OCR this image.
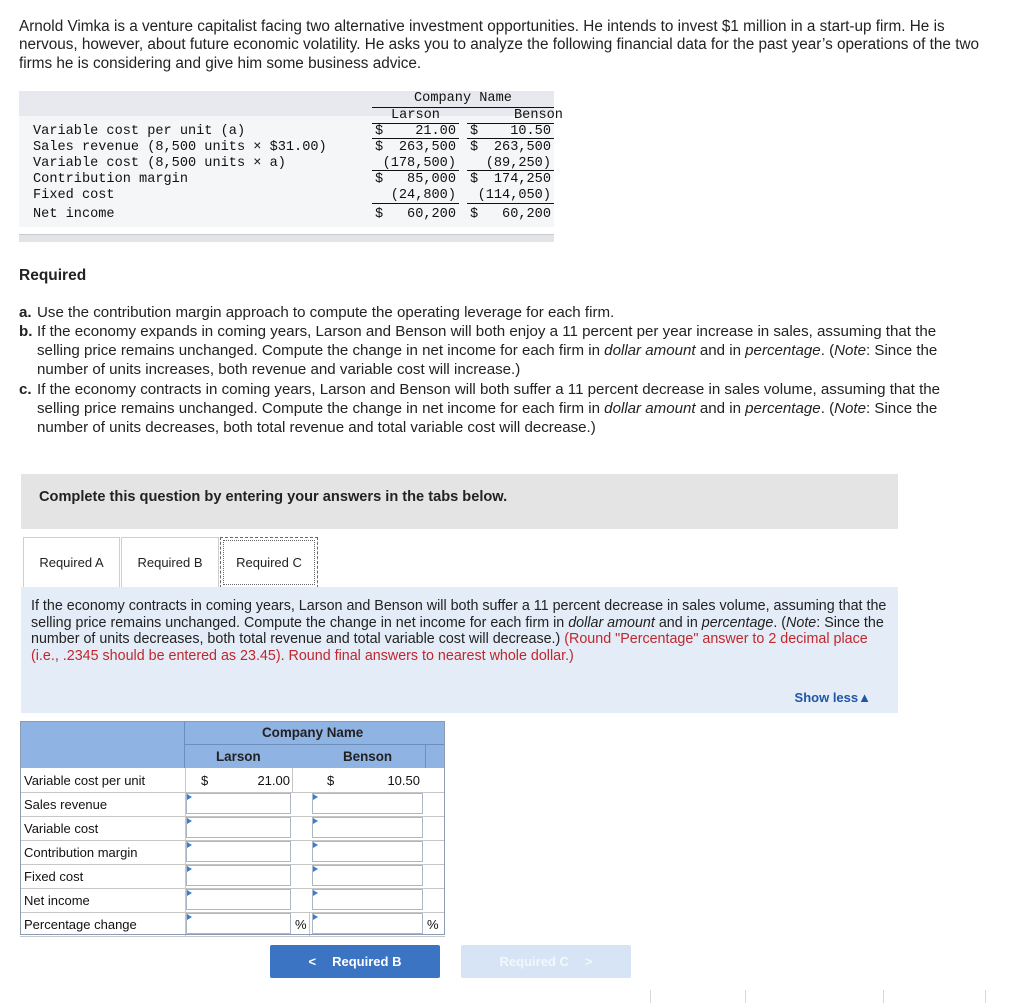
Arnold Vimka is a venture capitalist facing two alternative investment opportunities. He intends to invest $1 million in a start-up firm. He is nervous, however, about future economic volatility. He asks you to analyze the following financial data for the past year’s operations of the two firms he is considering and give him some business advice.
Company Name
Larson	Benson
Variable cost per unit (a)	$	21.00 $	10.50
Sales revenue (8,500 units × $31.00)	$	263,500 $	263,500
Variable cost (8,500 units × a)	(178,500)	(89,250)
Contribution margin	$	85,000 $	174,250
Fixed cost	(24,800)	(114,050)
Net income	$	60,200 $	60,200
Required
a. Use the contribution margin approach to compute the operating leverage for each firm.
b. If the economy expands in coming years, Larson and Benson will both enjoy a 11 percent per year increase in sales, assuming that the selling price remains unchanged. Compute the change in net income for each firm in dollar amount and in percentage. (Note: Since the number of units increases, both revenue and variable cost will increase.)
c. If the economy contracts in coming years, Larson and Benson will both suffer a 11 percent decrease in sales volume, assuming that the selling price remains unchanged. Compute the change in net income for each firm in dollar amount and in percentage. (Note: Since the number of units decreases, both total revenue and total variable cost will decrease.)
Complete this question by entering your answers in the tabs below.
Required A	Required B	Required C
If the economy contracts in coming years, Larson and Benson will both suffer a 11 percent decrease in sales volume, assuming that the selling price remains unchanged. Compute the change in net income for each firm in dollar amount and in percentage. (Note: Since the number of units decreases, both total revenue and total variable cost will decrease.) (Round "Percentage" answer to 2 decimal place (i.e., .2345 should be entered as 23.45). Round final answers to nearest whole dollar.)
Show less▲
Company Name
Larson	Benson
Variable cost per unit	$	21.00	$	10.50
Sales revenue
Variable cost
Contribution margin
Fixed cost
Net income
Percentage change	%	%
< Required B	Required C >
